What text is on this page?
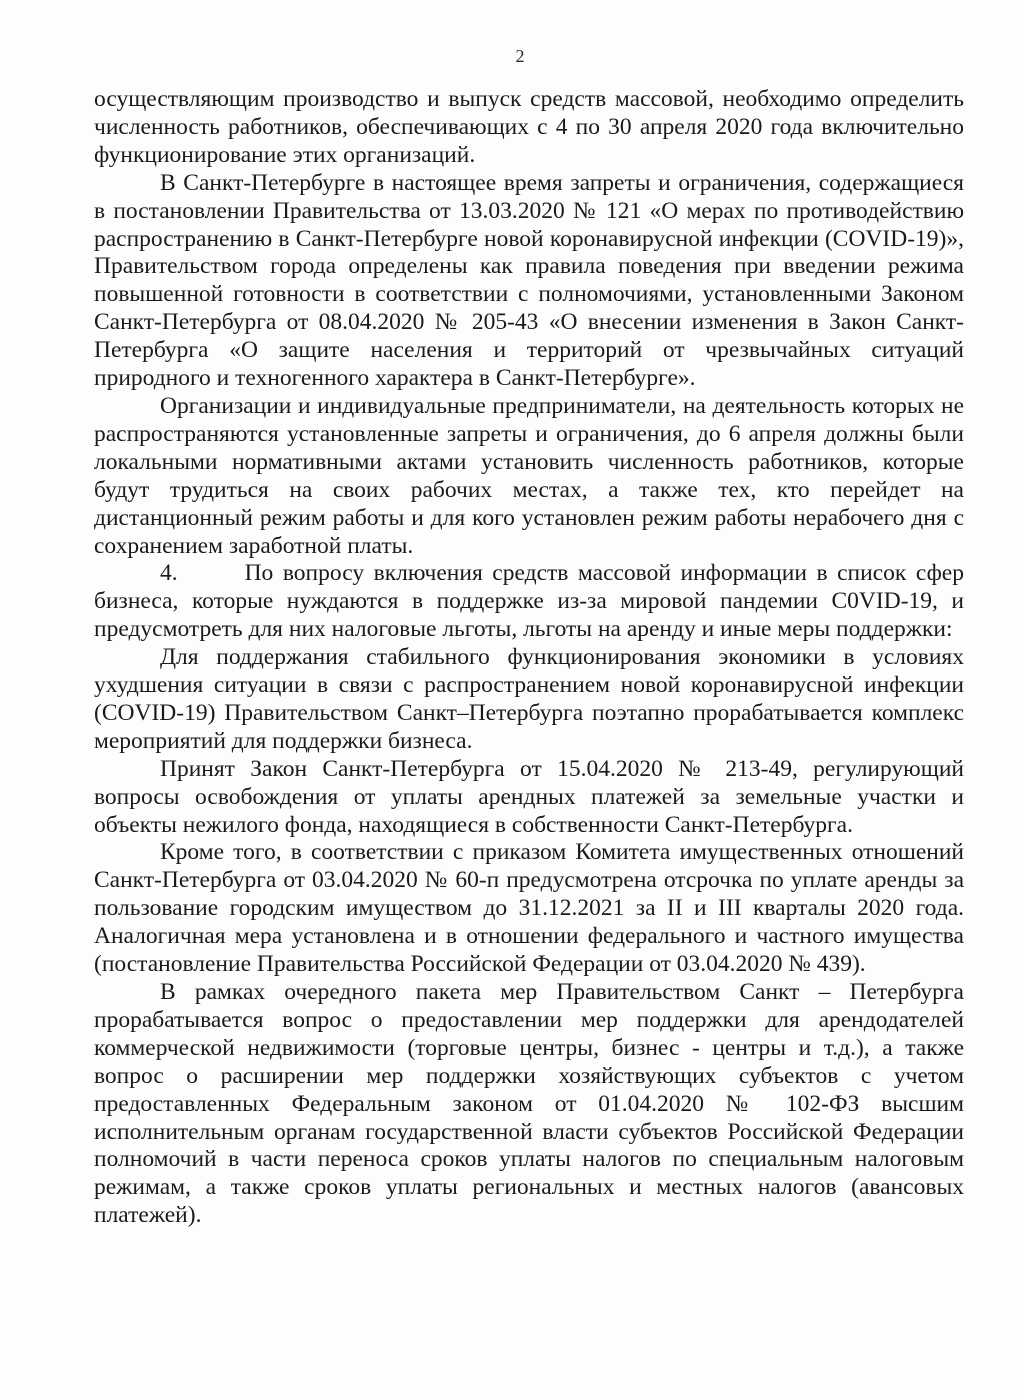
2

осуществляющим производство и выпуск средств массовой, необходимо определить численность работников, обеспечивающих с 4 по 30 апреля 2020 года включительно функционирование этих организаций.

В Санкт-Петербурге в настоящее время запреты и ограничения, содержащиеся в постановлении Правительства от 13.03.2020 № 121 «О мерах по противодействию распространению в Санкт-Петербурге новой коронавирусной инфекции (COVID-19)», Правительством города определены как правила поведения при введении режима повышенной готовности в соответствии с полномочиями, установленными Законом Санкт-Петербурга от 08.04.2020 № 205-43 «О внесении изменения в Закон Санкт-Петербурга «О защите населения и территорий от чрезвычайных ситуаций природного и техногенного характера в Санкт-Петербурге».

Организации и индивидуальные предприниматели, на деятельность которых не распространяются установленные запреты и ограничения, до 6 апреля должны были локальными нормативными актами установить численность работников, которые будут трудиться на своих рабочих местах, а также тех, кто перейдет на дистанционный режим работы и для кого установлен режим работы нерабочего дня с сохранением заработной платы.

4.       По вопросу включения средств массовой информации в список сфер бизнеса, которые нуждаются в поддержке из-за мировой пандемии C0VID-19, и предусмотреть для них налоговые льготы, льготы на аренду и иные меры поддержки:

Для поддержания стабильного функционирования экономики в условиях ухудшения ситуации в связи с распространением новой коронавирусной инфекции (COVID-19) Правительством Санкт–Петербурга поэтапно прорабатывается комплекс мероприятий для поддержки бизнеса.

Принят Закон Санкт-Петербурга от 15.04.2020 № 213-49, регулирующий вопросы освобождения от уплаты арендных платежей за земельные участки и объекты нежилого фонда, находящиеся в собственности Санкт-Петербурга.

Кроме того, в соответствии с приказом Комитета имущественных отношений Санкт-Петербурга от 03.04.2020 № 60-п предусмотрена отсрочка по уплате аренды за пользование городским имуществом до 31.12.2021 за II и III кварталы 2020 года. Аналогичная мера установлена и в отношении федерального и частного имущества (постановление Правительства Российской Федерации от 03.04.2020 № 439).

В рамках очередного пакета мер Правительством Санкт – Петербурга прорабатывается вопрос о предоставлении мер поддержки для арендодателей коммерческой недвижимости (торговые центры, бизнес - центры и т.д.), а также вопрос о расширении мер поддержки хозяйствующих субъектов с учетом предоставленных Федеральным законом от 01.04.2020 № 102-ФЗ высшим исполнительным органам государственной власти субъектов Российской Федерации полномочий в части переноса сроков уплаты налогов по специальным налоговым режимам, а также сроков уплаты региональных и местных налогов (авансовых платежей).
